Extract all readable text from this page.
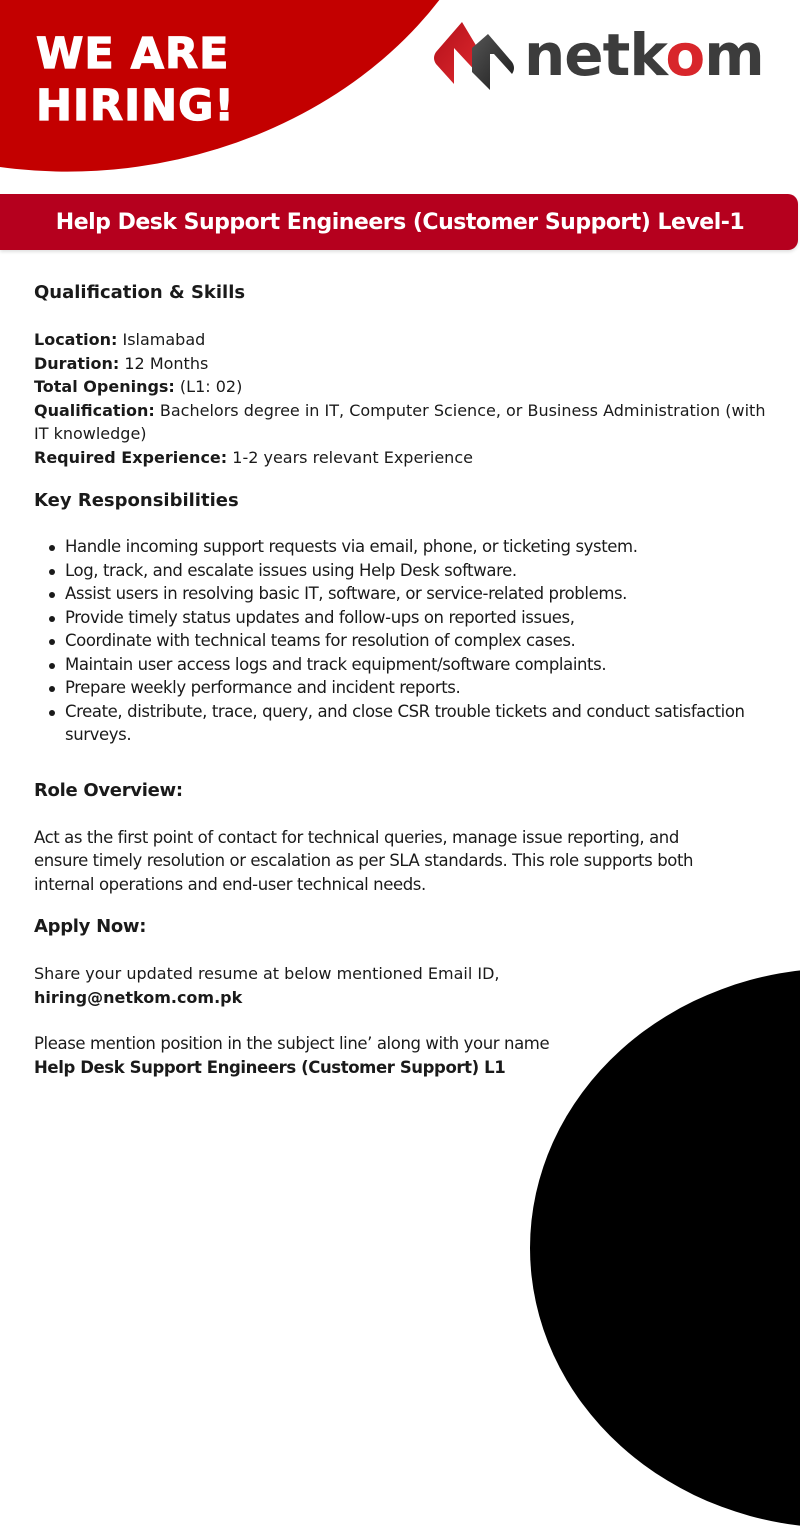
WE ARE
HIRING!
netkom
Help Desk Support Engineers (Customer Support) Level-1
Qualification & Skills

Location: Islamabad

Duration: 12 Months

Total Openings: (L1: 02)

Qualification: Bachelors degree in IT, Computer Science, or Business Administration (with IT knowledge)

Required Experience: 1-2 years relevant Experience

Key Responsibilities
Handle incoming support requests via email, phone, or ticketing system.
Log, track, and escalate issues using Help Desk software.
Assist users in resolving basic IT, software, or service-related problems.
Provide timely status updates and follow-ups on reported issues,
Coordinate with technical teams for resolution of complex cases.
Maintain user access logs and track equipment/software complaints.
Prepare weekly performance and incident reports.
Create, distribute, trace, query, and close CSR trouble tickets and conduct satisfaction surveys.
Role Overview:

Act as the first point of contact for technical queries, manage issue reporting, and ensure timely resolution or escalation as per SLA standards. This role supports both internal operations and end-user technical needs.

Apply Now:

Share your updated resume at below mentioned Email ID,
hiring@netkom.com.pk

Please mention position in the subject line’ along with your name Help Desk Support Engineers (Customer Support) L1
